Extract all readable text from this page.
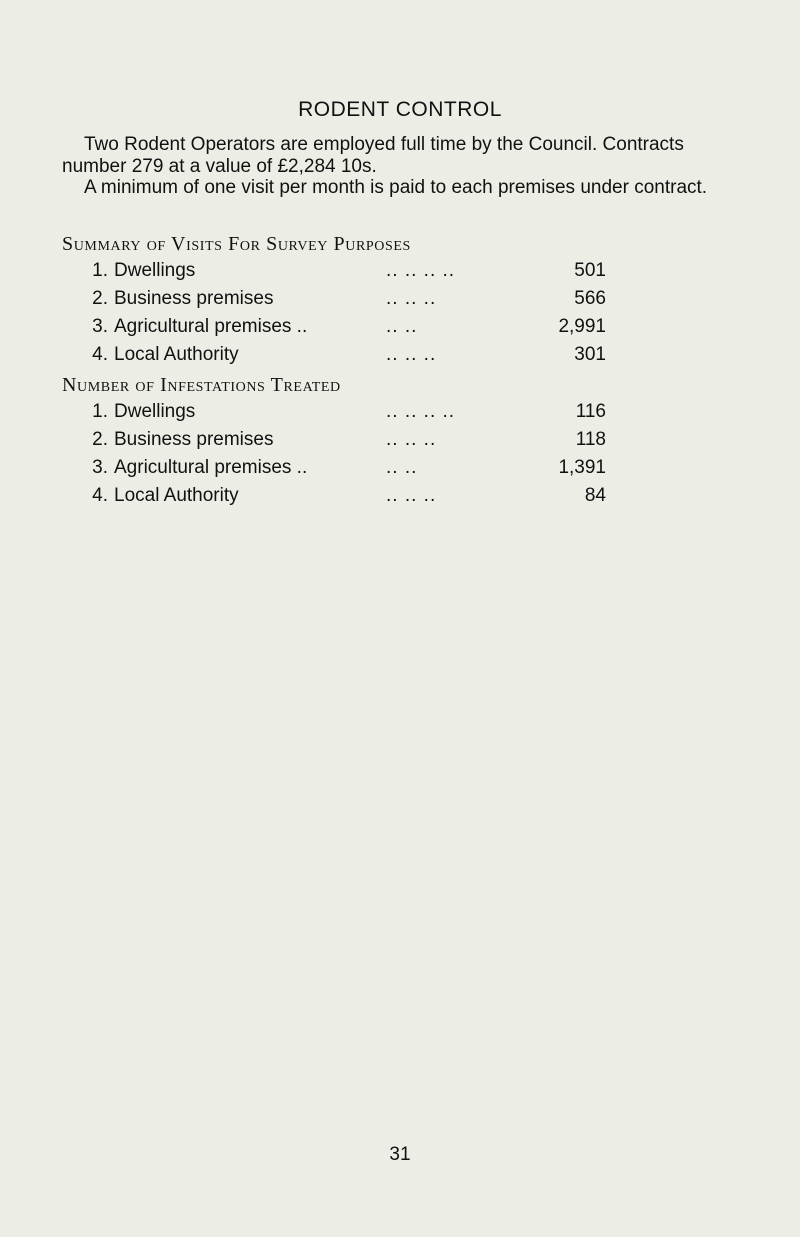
RODENT CONTROL
Two Rodent Operators are employed full time by the Council. Contracts number 279 at a value of £2,284 10s.
A minimum of one visit per month is paid to each premises under contract.
Summary of Visits For Survey Purposes
1. Dwellings	.. .. .. ..	501
2. Business premises	.. .. ..	566
3. Agricultural premises ..	.. ..	2,991
4. Local Authority	.. .. ..	301
Number of Infestations Treated
1. Dwellings	.. .. .. ..	116
2. Business premises	.. .. ..	118
3. Agricultural premises ..	.. ..	1,391
4. Local Authority	.. .. ..	84
31
